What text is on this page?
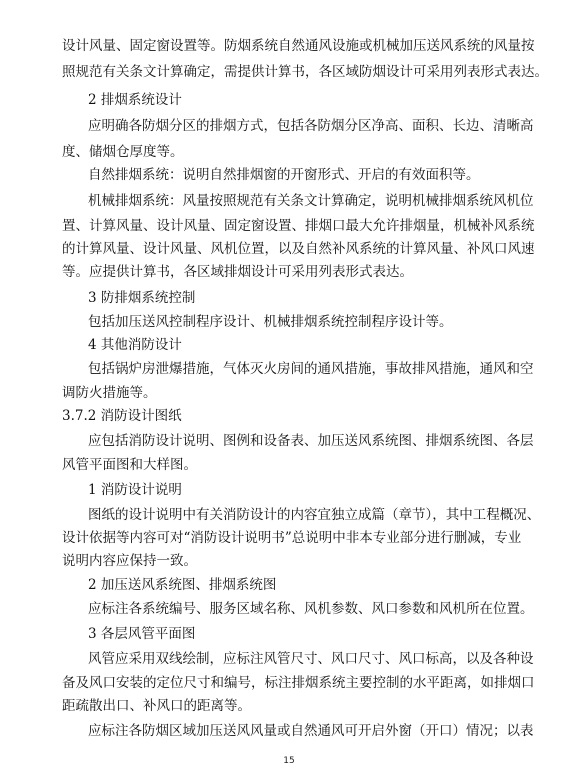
设计风量、固定窗设置等。防烟系统自然通风设施或机械加压送风系统的风量按
照规范有关条文计算确定，需提供计算书，各区域防烟设计可采用列表形式表达。
2 排烟系统设计
应明确各防烟分区的排烟方式，包括各防烟分区净高、面积、长边、清晰高
度、储烟仓厚度等。
自然排烟系统：说明自然排烟窗的开窗形式、开启的有效面积等。
机械排烟系统：风量按照规范有关条文计算确定，说明机械排烟系统风机位
置、计算风量、设计风量、固定窗设置、排烟口最大允许排烟量，机械补风系统
的计算风量、设计风量、风机位置，以及自然补风系统的计算风量、补风口风速
等。应提供计算书，各区域排烟设计可采用列表形式表达。
3 防排烟系统控制
包括加压送风控制程序设计、机械排烟系统控制程序设计等。
4 其他消防设计
包括锅炉房泄爆措施，气体灭火房间的通风措施，事故排风措施，通风和空
调防火措施等。
3.7.2 消防设计图纸
应包括消防设计说明、图例和设备表、加压送风系统图、排烟系统图、各层
风管平面图和大样图。
1 消防设计说明
图纸的设计说明中有关消防设计的内容宜独立成篇（章节），其中工程概况、
设计依据等内容可对“消防设计说明书”总说明中非本专业部分进行删减，专业
说明内容应保持一致。
2 加压送风系统图、排烟系统图
应标注各系统编号、服务区域名称、风机参数、风口参数和风机所在位置。
3 各层风管平面图
风管应采用双线绘制，应标注风管尺寸、风口尺寸、风口标高，以及各种设
备及风口安装的定位尺寸和编号，标注排烟系统主要控制的水平距离，如排烟口
距疏散出口、补风口的距离等。
应标注各防烟区域加压送风风量或自然通风可开启外窗（开口）情况；以表
15
